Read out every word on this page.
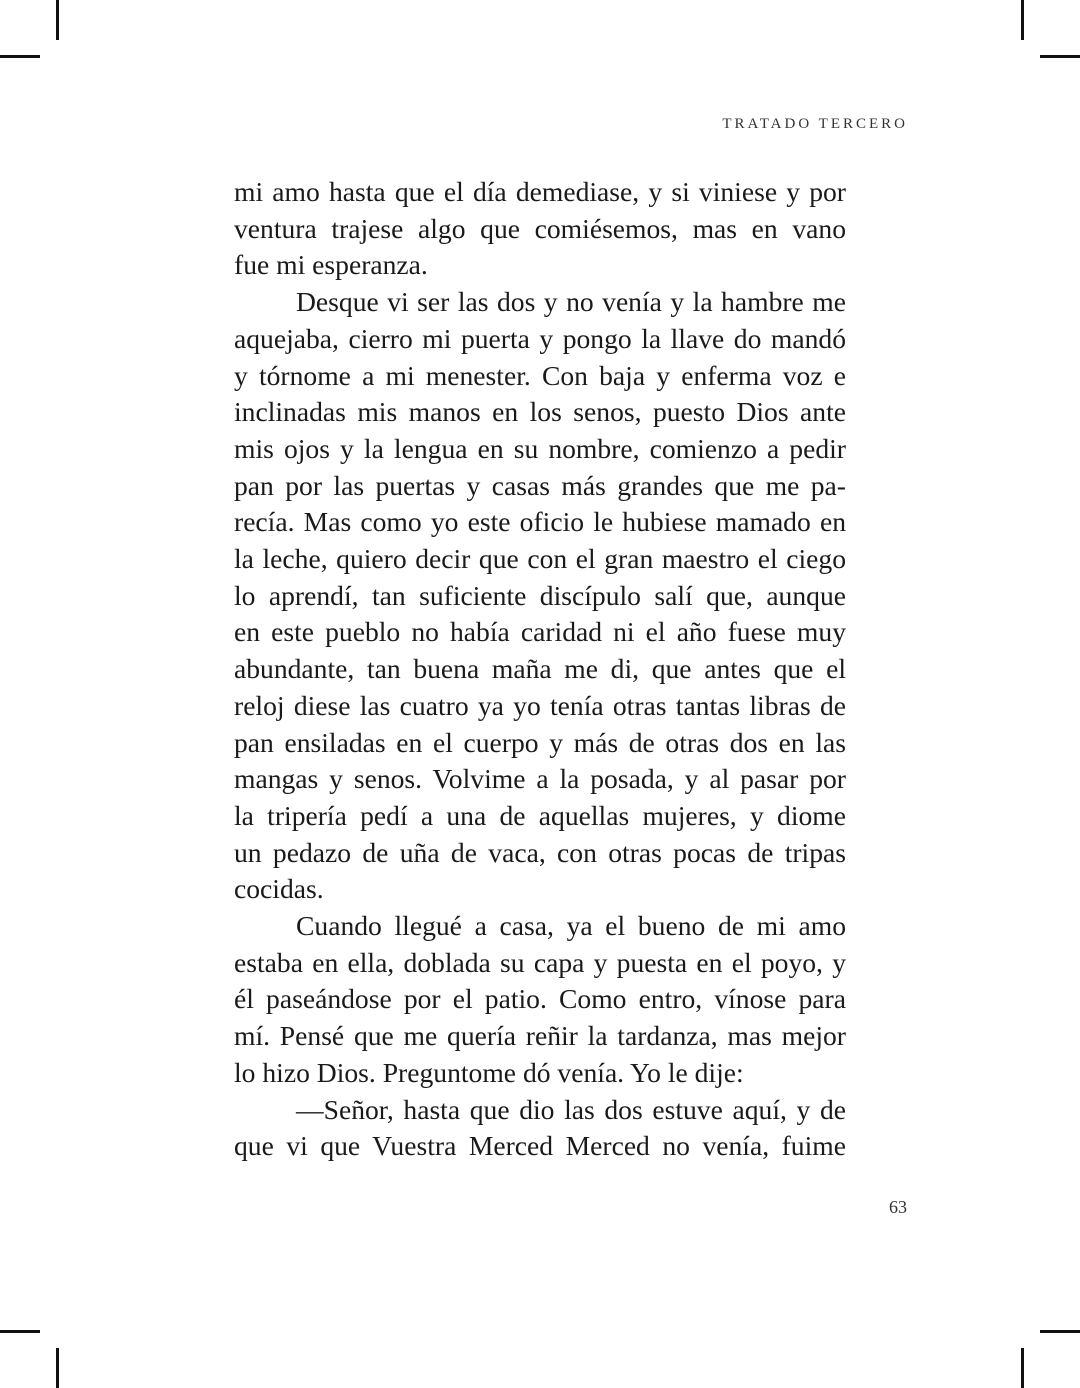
TRATADO TERCERO
mi amo hasta que el día demediase, y si viniese y por
ventura trajese algo que comiésemos, mas en vano
fue mi esperanza.
Desque vi ser las dos y no venía y la hambre me
aquejaba, cierro mi puerta y pongo la llave do mandó
y tórnome a mi menester. Con baja y enferma voz e
inclinadas mis manos en los senos, puesto Dios ante
mis ojos y la lengua en su nombre, comienzo a pedir
pan por las puertas y casas más grandes que me pa-
recía. Mas como yo este oficio le hubiese mamado en
la leche, quiero decir que con el gran maestro el ciego
lo aprendí, tan suficiente discípulo salí que, aunque
en este pueblo no había caridad ni el año fuese muy
abundante, tan buena maña me di, que antes que el
reloj diese las cuatro ya yo tenía otras tantas libras de
pan ensiladas en el cuerpo y más de otras dos en las
mangas y senos. Volvime a la posada, y al pasar por
la tripería pedí a una de aquellas mujeres, y diome
un pedazo de uña de vaca, con otras pocas de tripas
cocidas.
Cuando llegué a casa, ya el bueno de mi amo
estaba en ella, doblada su capa y puesta en el poyo, y
él paseándose por el patio. Como entro, vínose para
mí. Pensé que me quería reñir la tardanza, mas mejor
lo hizo Dios. Preguntome dó venía. Yo le dije:
—Señor, hasta que dio las dos estuve aquí, y de
que vi que Vuestra Merced Merced no venía, fuime
63
